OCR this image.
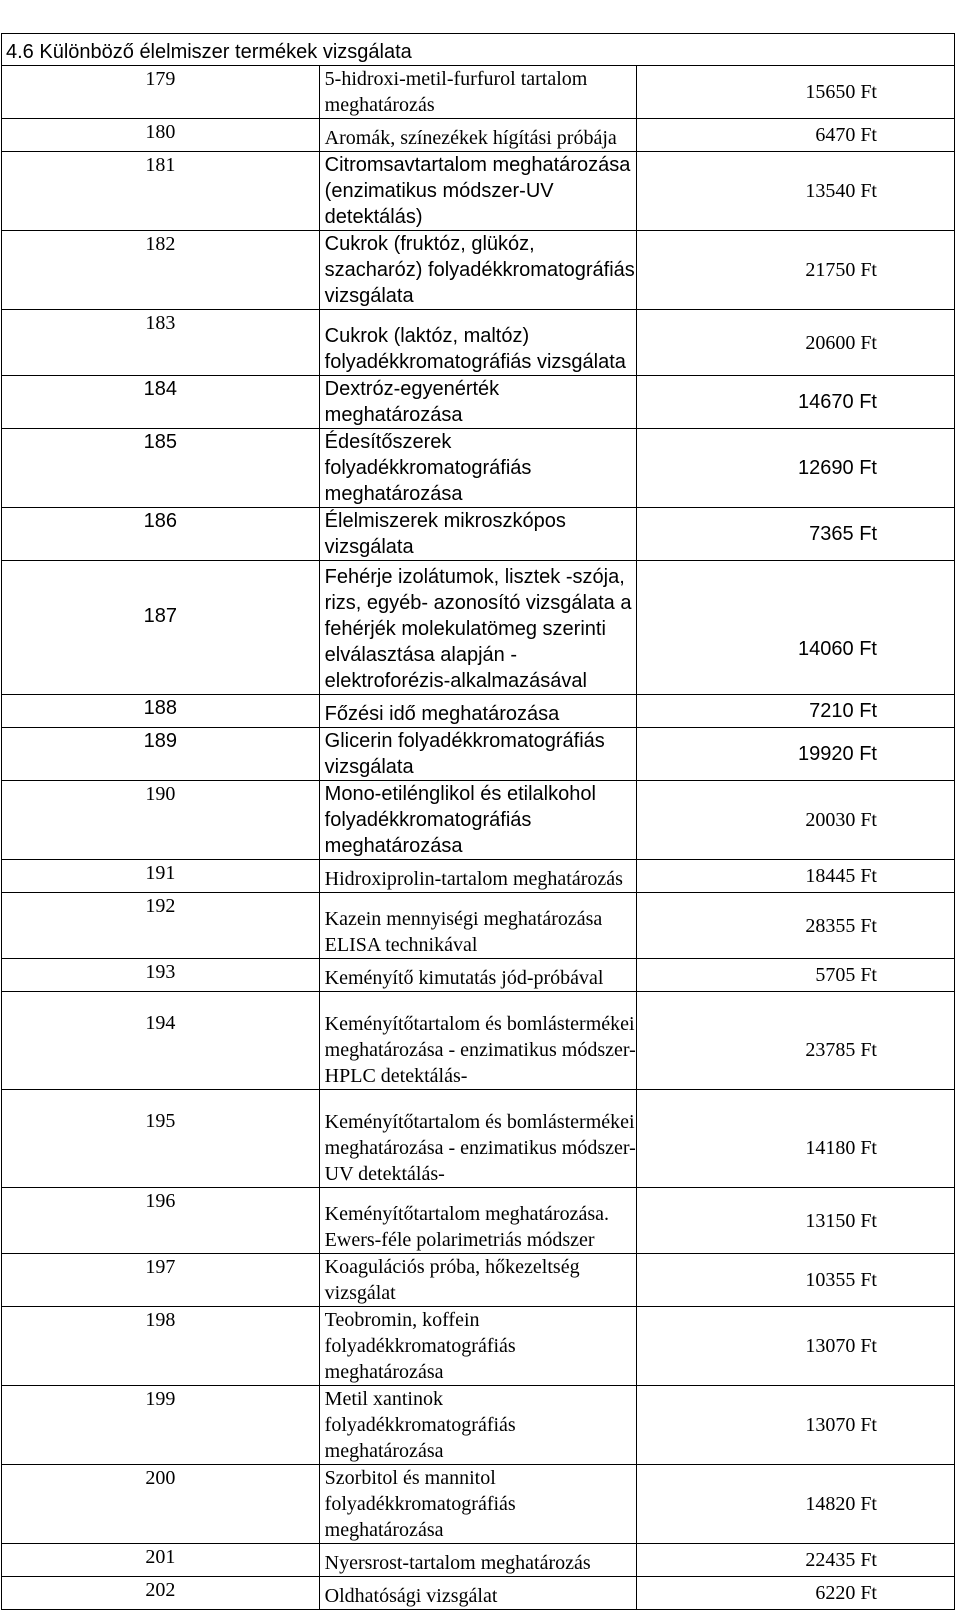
4.6 Különböző élelmiszer termékek vizsgálata		
179	5-hidroxi-metil-furfurol tartalom meghatározás	15650 Ft
180	Aromák, színezékek hígítási próbája	6470 Ft
181	Citromsavtartalom meghatározása (enzimatikus módszer-UV detektálás)	13540 Ft
182	Cukrok (fruktóz, glükóz, szacharóz) folyadékkromatográfiás vizsgálata	21750 Ft
183	Cukrok (laktóz, maltóz) folyadékkromatográfiás vizsgálata	20600 Ft
184	Dextróz-egyenérték meghatározása	14670 Ft
185	Édesítőszerek folyadékkromatográfiás meghatározása	12690 Ft
186	Élelmiszerek mikroszkópos vizsgálata	7365 Ft
187	Fehérje izolátumok, lisztek -szója, rizs, egyéb- azonosító vizsgálata a fehérjék molekulatömeg szerinti elválasztása alapján -elektroforézis-alkalmazásával	14060 Ft
188	Főzési idő meghatározása	7210 Ft
189	Glicerin folyadékkromatográfiás vizsgálata	19920 Ft
190	Mono-etilénglikol és etilalkohol folyadékkromatográfiás meghatározása	20030 Ft
191	Hidroxiprolin-tartalom meghatározás	18445 Ft
192	Kazein mennyiségi meghatározása ELISA technikával	28355 Ft
193	Keményítő kimutatás jód-próbával	5705 Ft
194	Keményítőtartalom és bomlástermékei meghatározása - enzimatikus módszer-HPLC detektálás-	23785 Ft
195	Keményítőtartalom és bomlástermékei meghatározása - enzimatikus módszer-UV detektálás-	14180 Ft
196	Keményítőtartalom meghatározása. Ewers-féle polarimetriás módszer	13150 Ft
197	Koagulációs próba, hőkezeltség vizsgálat	10355 Ft
198	Teobromin, koffein folyadékkromatográfiás meghatározása	13070 Ft
199	Metil xantinok folyadékkromatográfiás meghatározása	13070 Ft
200	Szorbitol és mannitol folyadékkromatográfiás meghatározása	14820 Ft
201	Nyersrost-tartalom meghatározás	22435 Ft
202	Oldhatósági vizsgálat	6220 Ft
